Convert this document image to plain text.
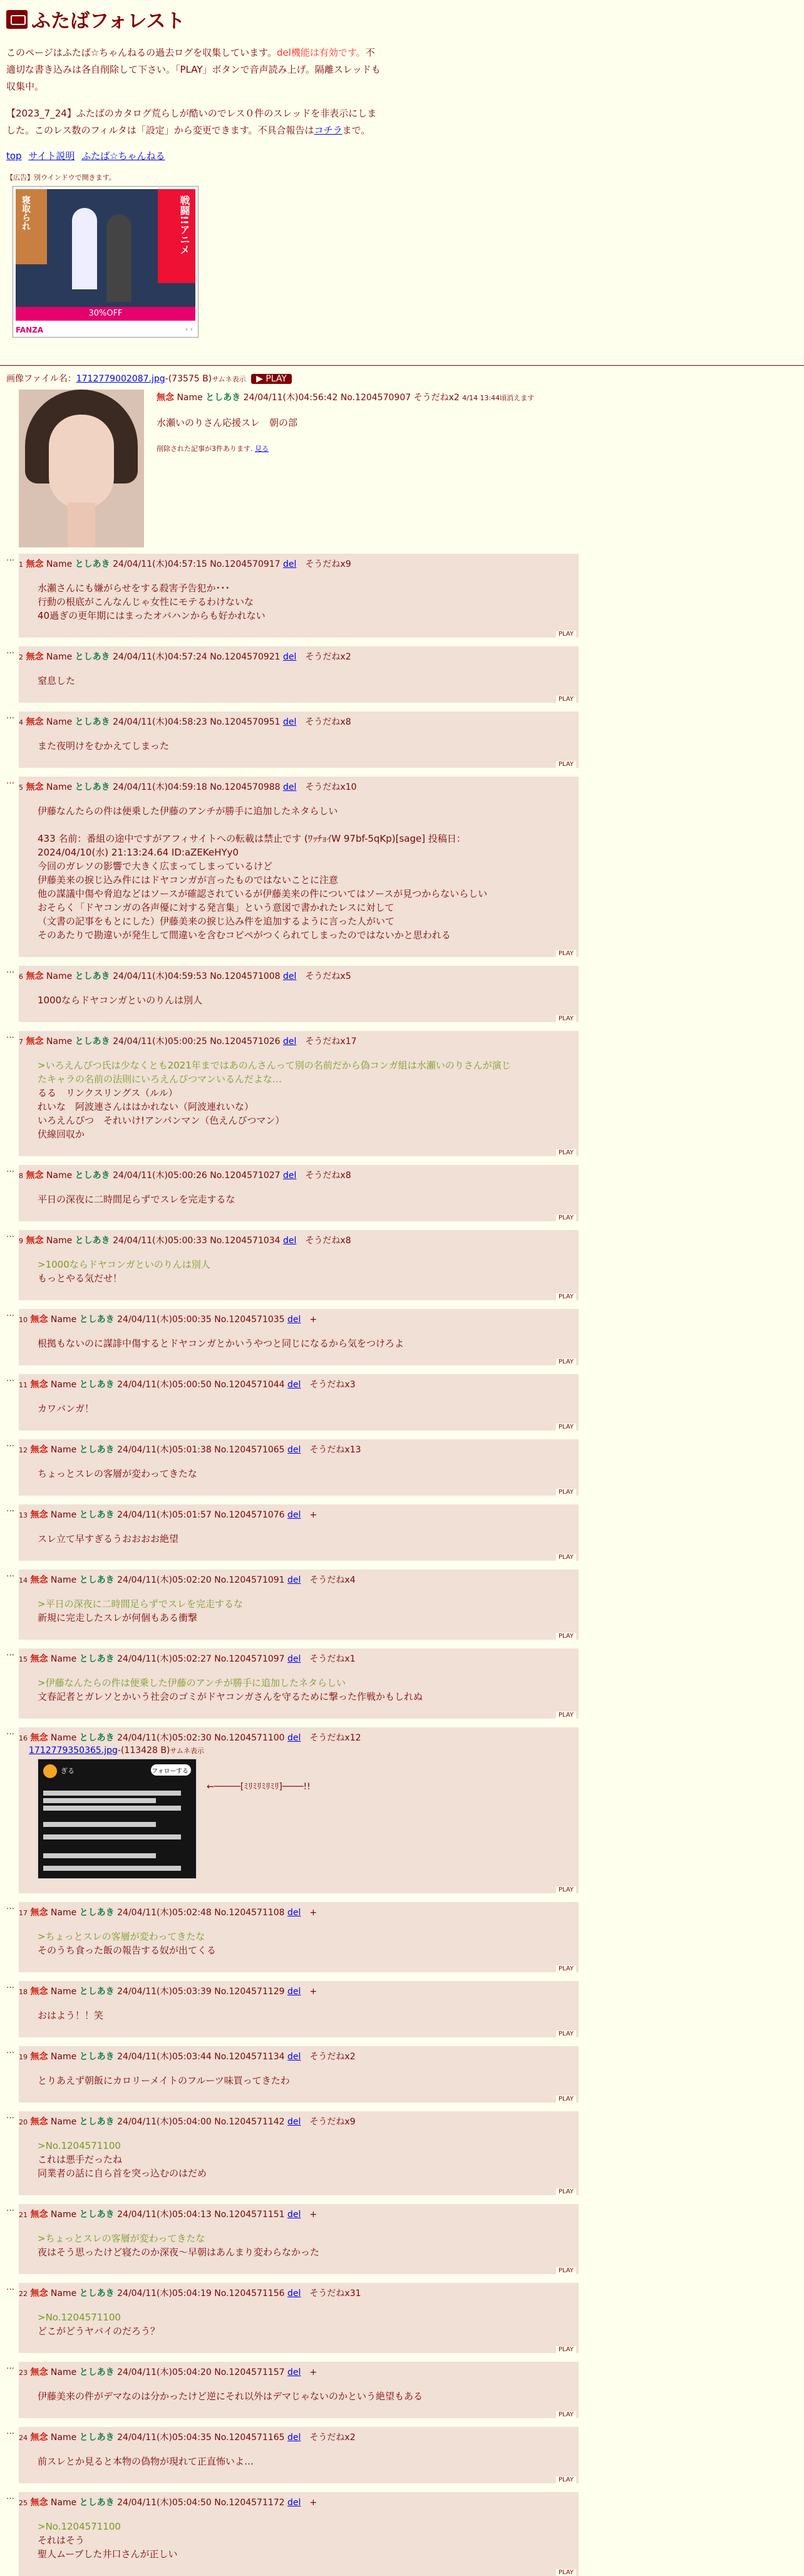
ふたばフォレスト
このページはふたば☆ちゃんねるの過去ログを収集しています。del機能は有効です。不適切な書き込みは各自削除して下さい。「PLAY」ボタンで音声読み上げ。隔離スレッドも収集中。
【2023_7_24】ふたばのカタログ荒らしが酷いのでレス０件のスレッドを非表示にしました。このレス数のフィルタは「設定」から変更できます。不具合報告はコチラまで。
top サイト説明 ふたば☆ちゃんねる
【広告】別ウインドウで開きます。
寝取られ	戦闘!!アニメ
30%OFF
FANZA	‹ ›
画像ファイル名：1712779002087.jpg-(73575 B)サムネ表示 ▶ PLAY
無念 Name としあき 24/04/11(木)04:56:42 No.1204570907 そうだねx2 4/14 13:44頃消えます
水瀬いのりさん応援スレ　朝の部
削除された記事が3件あります. 見る
…
1 無念 Name としあき 24/04/11(木)04:57:15 No.1204570917 del　 そうだねx9
水瀬さんにも嫌がらせをする殺害予告犯か･･･
行動の根底がこんなんじゃ女性にモテるわけないな
40過ぎの更年期にはまったオバハンからも好かれない
PLAY
…
2 無念 Name としあき 24/04/11(木)04:57:24 No.1204570921 del　 そうだねx2
窒息した
PLAY
…
4 無念 Name としあき 24/04/11(木)04:58:23 No.1204570951 del　 そうだねx8
また夜明けをむかえてしまった
PLAY
…
5 無念 Name としあき 24/04/11(木)04:59:18 No.1204570988 del　 そうだねx10
伊藤なんたらの件は便乗した伊藤のアンチが勝手に追加したネタらしい
433 名前：番組の途中ですがアフィサイトへの転載は禁止です (ﾜｯﾁｮｲW 97bf-5qKp)[sage] 投稿日：
2024/04/10(水) 21:13:24.64 ID:aZEKeHYy0
今回のガレソの影響で大きく広まってしまっているけど
伊藤美来の捩じ込み件にはドヤコンガが言ったものではないことに注意
他の謀議中傷や脅迫などはソースが確認されているが伊藤美来の件についてはソースが見つからないらしい
おそらく「ドヤコンガの各声優に対する発言集」という意図で書かれたレスに対して
（文書の記事をもとにした）伊藤美来の捩じ込み件を追加するように言った人がいて
そのあたりで勘違いが発生して間違いを含むコピペがつくられてしまったのではないかと思われる
PLAY
…
6 無念 Name としあき 24/04/11(木)04:59:53 No.1204571008 del　 そうだねx5
1000ならドヤコンガといのりんは別人
PLAY
…
7 無念 Name としあき 24/04/11(木)05:00:25 No.1204571026 del　 そうだねx17
>いろえんぴつ氏は少なくとも2021年まではあのんさんって別の名前だから偽コンガ組は水瀬いのりさんが演じ
たキャラの名前の法則にいろえんぴつマンいるんだよな…
るる　リンクスリングス（ルル）
れいな　阿波連さんははかれない（阿波連れいな）
いろえんぴつ　それいけ!アンパンマン（色えんぴつマン）
伏線回収か
PLAY
…
8 無念 Name としあき 24/04/11(木)05:00:26 No.1204571027 del　 そうだねx8
平日の深夜に二時間足らずでスレを完走するな
PLAY
…
9 無念 Name としあき 24/04/11(木)05:00:33 No.1204571034 del　 そうだねx8
>1000ならドヤコンガといのりんは別人
もっとやる気だせ！
PLAY
…
10 無念 Name としあき 24/04/11(木)05:00:35 No.1204571035 del　 +
根拠もないのに謀誹中傷するとドヤコンガとかいうやつと同じになるから気をつけろよ
PLAY
…
11 無念 Name としあき 24/04/11(木)05:00:50 No.1204571044 del　 そうだねx3
カワバンガ！
PLAY
…
12 無念 Name としあき 24/04/11(木)05:01:38 No.1204571065 del　 そうだねx13
ちょっとスレの客層が変わってきたな
PLAY
…
13 無念 Name としあき 24/04/11(木)05:01:57 No.1204571076 del　 +
スレ立て早すぎるうおおおお絶望
PLAY
…
14 無念 Name としあき 24/04/11(木)05:02:20 No.1204571091 del　 そうだねx4
>平日の深夜に二時間足らずでスレを完走するな
新規に完走したスレが何個もある衝撃
PLAY
…
15 無念 Name としあき 24/04/11(木)05:02:27 No.1204571097 del　 そうだねx1
>伊藤なんたらの件は便乗した伊藤のアンチが勝手に追加したネタらしい
文春記者とガレソとかいう社会のゴミがドヤコンガさんを守るために撃った作戦かもしれぬ
PLAY
…
16 無念 Name としあき 24/04/11(木)05:02:30 No.1204571100 del　 そうだねx12
1712779350365.jpg-(113428 B)サムネ表示
ぎる	フォローする
←─────[ﾐﾘﾐﾘﾐﾘﾐﾘ]────!!
PLAY
…
17 無念 Name としあき 24/04/11(木)05:02:48 No.1204571108 del　 +
>ちょっとスレの客層が変わってきたな
そのうち食った飯の報告する奴が出てくる
PLAY
…
18 無念 Name としあき 24/04/11(木)05:03:39 No.1204571129 del　 +
おはよう！！笑
PLAY
…
19 無念 Name としあき 24/04/11(木)05:03:44 No.1204571134 del　 そうだねx2
とりあえず朝飯にカロリーメイトのフルーツ味買ってきたわ
PLAY
…
20 無念 Name としあき 24/04/11(木)05:04:00 No.1204571142 del　 そうだねx9
>No.1204571100
これは悪手だったね
同業者の話に自ら首を突っ込むのはだめ
PLAY
…
21 無念 Name としあき 24/04/11(木)05:04:13 No.1204571151 del　 +
>ちょっとスレの客層が変わってきたな
夜はそう思ったけど寝たのか深夜～早朝はあんまり変わらなかった
PLAY
…
22 無念 Name としあき 24/04/11(木)05:04:19 No.1204571156 del　 そうだねx31
>No.1204571100
どこがどうヤバイのだろう？
PLAY
…
23 無念 Name としあき 24/04/11(木)05:04:20 No.1204571157 del　 +
伊藤美来の件がデマなのは分かったけど逆にそれ以外はデマじゃないのかという絶望もある
PLAY
…
24 無念 Name としあき 24/04/11(木)05:04:35 No.1204571165 del　 そうだねx2
前スレとか見ると本物の偽物が現れて正直怖いよ…
PLAY
…
25 無念 Name としあき 24/04/11(木)05:04:50 No.1204571172 del　 +
>No.1204571100
それはそう
聖人ムーブした井口さんが正しい
PLAY
